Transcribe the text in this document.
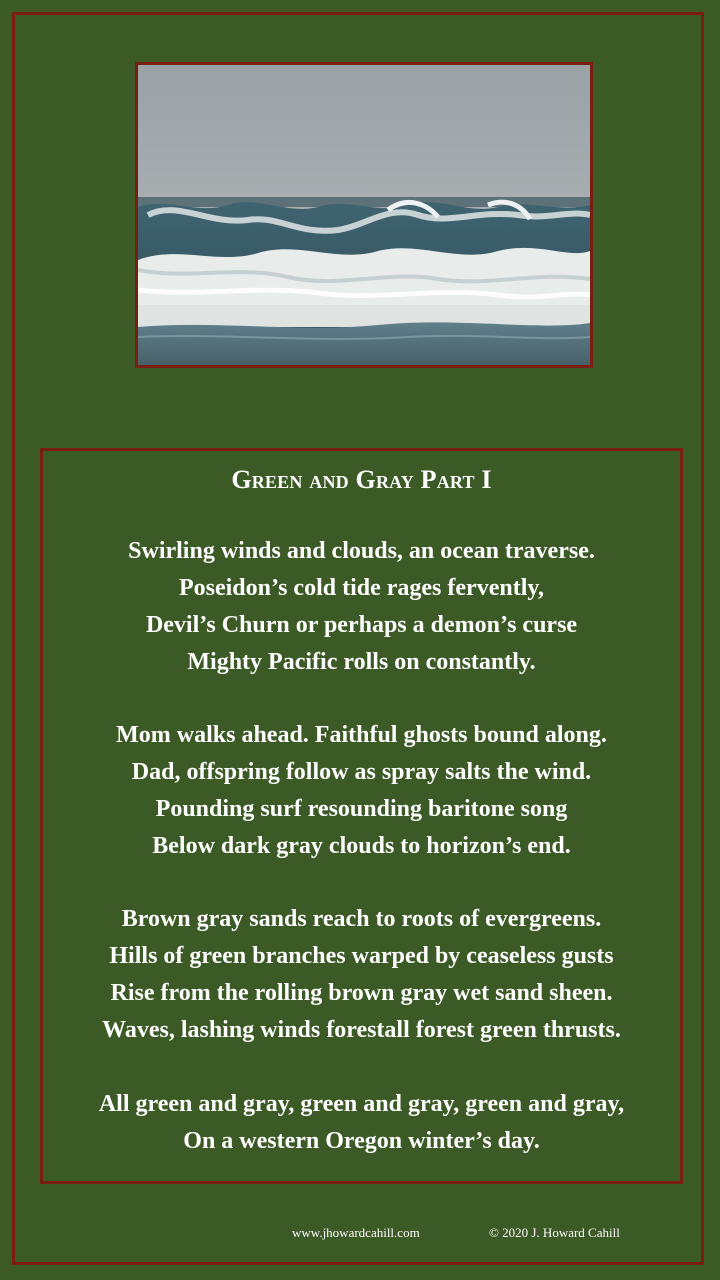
Green and Gray Part I
Swirling winds and clouds, an ocean traverse.
Poseidon’s cold tide rages fervently,
Devil’s Churn or perhaps a demon’s curse
Mighty Pacific rolls on constantly.
Mom walks ahead. Faithful ghosts bound along.
Dad, offspring follow as spray salts the wind.
Pounding surf resounding baritone song
Below dark gray clouds to horizon’s end.
Brown gray sands reach to roots of evergreens.
Hills of green branches warped by ceaseless gusts
Rise from the rolling brown gray wet sand sheen.
Waves, lashing winds forestall forest green thrusts.
All green and gray, green and gray, green and gray,
On a western Oregon winter’s day.
www.jhowardcahill.com	© 2020 J. Howard Cahill
